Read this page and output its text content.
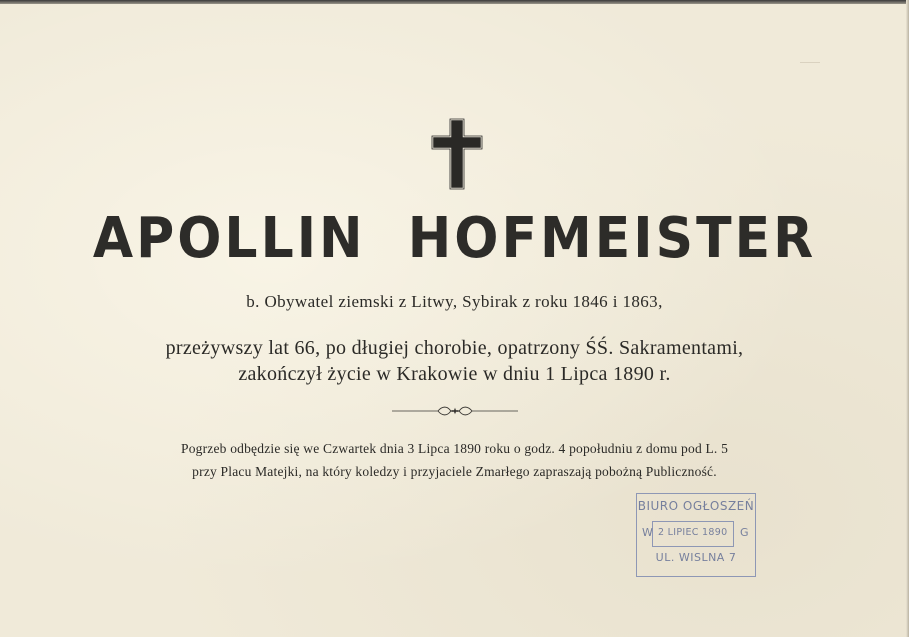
APOLLIN  HOFMEISTER
b. Obywatel ziemski z Litwy, Sybirak z roku 1846 i 1863,
przeżywszy lat 66, po długiej chorobie, opatrzony ŚŚ. Sakramentami,
zakończył życie w Krakowie w dniu 1 Lipca 1890 r.
Pogrzeb odbędzie się we Czwartek dnia 3 Lipca 1890 roku o godz. 4 popołudniu z domu pod L. 5
przy Placu Matejki, na który koledzy i przyjaciele Zmarłego zapraszają pobożną Publiczność.
BIURO OGŁOSZEŃ
W 2 LIPIEC 1890 G
UL. WISLNA 7
